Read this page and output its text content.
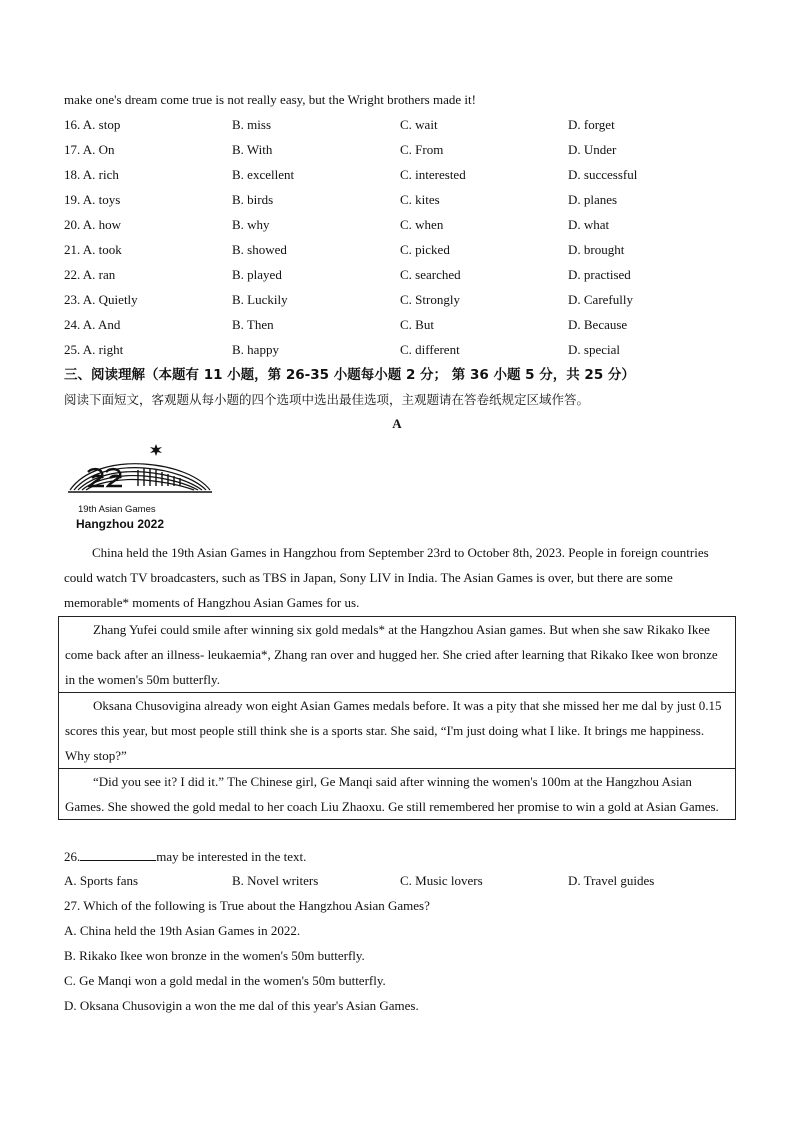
make one's dream come true is not really easy, but the Wright brothers made it!
16. A. stop	B. miss	C. wait	D. forget
17. A. On	B. With	C. From	D. Under
18. A. rich	B. excellent	C. interested	D. successful
19. A. toys	B. birds	C. kites	D. planes
20. A. how	B. why	C. when	D. what
21. A. took	B. showed	C. picked	D. brought
22. A. ran	B. played	C. searched	D. practised
23. A. Quietly	B. Luckily	C. Strongly	D. Carefully
24. A. And	B. Then	C. But	D. Because
25. A. right	B. happy	C. different	D. special
三、阅读理解（本题有 11 小题，第 26-35 小题每小题 2 分； 第 36 小题 5 分，共 25 分）
阅读下面短文，客观题从每小题的四个选项中选出最佳选项，主观题请在答卷纸规定区域作答。
A
19th Asian Games
Hangzhou 2022

China held the 19th Asian Games in Hangzhou from September 23rd to October 8th, 2023. People in foreign countries could watch TV broadcasters, such as TBS in Japan, Sony LIV in India. The Asian Games is over, but there are some memorable* moments of Hangzhou Asian Games for us.

Zhang Yufei could smile after winning six gold medals* at the Hangzhou Asian games. But when she saw Rikako Ikee come back after an illness- leukaemia*, Zhang ran over and hugged her. She cried after learning that Rikako Ikee won bronze in the women's 50m butterfly.

Oksana Chusovigina already won eight Asian Games medals before. It was a pity that she missed her me dal by just 0.15 scores this year, but most people still think she is a sports star. She said, “I'm just doing what I like. It brings me happiness. Why stop?”

“Did you see it? I did it.” The Chinese girl, Ge Manqi said after winning the women's 100m at the Hangzhou Asian Games. She showed the gold medal to her coach Liu Zhaoxu. Ge still remembered her promise to win a gold at Asian Games.

26.	may be interested in the text.
A. Sports fans	B. Novel writers	C. Music lovers	D. Travel guides
27. Which of the following is True about the Hangzhou Asian Games?
A. China held the 19th Asian Games in 2022.
B. Rikako Ikee won bronze in the women's 50m butterfly.
C. Ge Manqi won a gold medal in the women's 50m butterfly.
D. Oksana Chusovigin a won the me dal of this year's Asian Games.
